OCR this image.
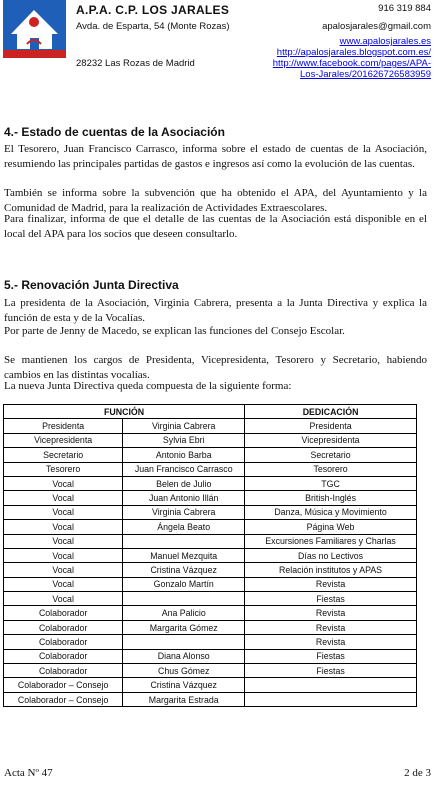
A.P.A. C.P. LOS JARALES
Avda. de Esparta, 54 (Monte Rozas)
28232 Las Rozas de Madrid
916 319 884
apalosjarales@gmail.com
www.apalosjarales.es
http://apalosjarales.blogspot.com.es/
http://www.facebook.com/pages/APA-
Los-Jarales/201626726583959
4.- Estado de cuentas de la Asociación

El Tesorero, Juan Francisco Carrasco, informa sobre el estado de cuentas de la Asociación, resumiendo las principales partidas de gastos e ingresos así como la evolución de las cuentas.

También se informa sobre la subvención que ha obtenido el APA, del Ayuntamiento y la Comunidad de Madrid, para la realización de Actividades Extraescolares.

Para finalizar, informa de que el detalle de las cuentas de la Asociación está disponible en el local del APA para los socios que deseen consultarlo.

5.- Renovación Junta Directiva

La presidenta de la Asociación, Virginia Cabrera, presenta a la Junta Directiva y explica la función de esta y de la Vocalías.

Por parte de Jenny de Macedo, se explican las funciones del Consejo Escolar.

Se mantienen los cargos de Presidenta, Vicepresidenta, Tesorero y Secretario, habiendo cambios en las distintas vocalías.

La nueva Junta Directiva queda compuesta de la siguiente forma:

FUNCIÓN		DEDICACIÓN
Presidenta	Virginia Cabrera	Presidenta
Vicepresidenta	Sylvia Ebri	Vicepresidenta
Secretario	Antonio Barba	Secretario
Tesorero	Juan Francisco Carrasco	Tesorero
Vocal	Belen de Julio	TGC
Vocal	Juan Antonio Illán	British-Inglés
Vocal	Virginia Cabrera	Danza, Música y Movimiento
Vocal	Ángela Beato	Página Web
Vocal		Excursiones Familiares y Charlas
Vocal	Manuel Mezquita	Días no Lectivos
Vocal	Cristina Vázquez	Relación institutos y APAS
Vocal	Gonzalo Martín	Revista
Vocal		Fiestas
Colaborador	Ana Palicio	Revista
Colaborador	Margarita Gómez	Revista
Colaborador		Revista
Colaborador	Diana Alonso	Fiestas
Colaborador	Chus Gómez	Fiestas
Colaborador – Consejo	Cristina Vázquez	
Colaborador – Consejo	Margarita Estrada	
Acta Nº 47	2 de 3
